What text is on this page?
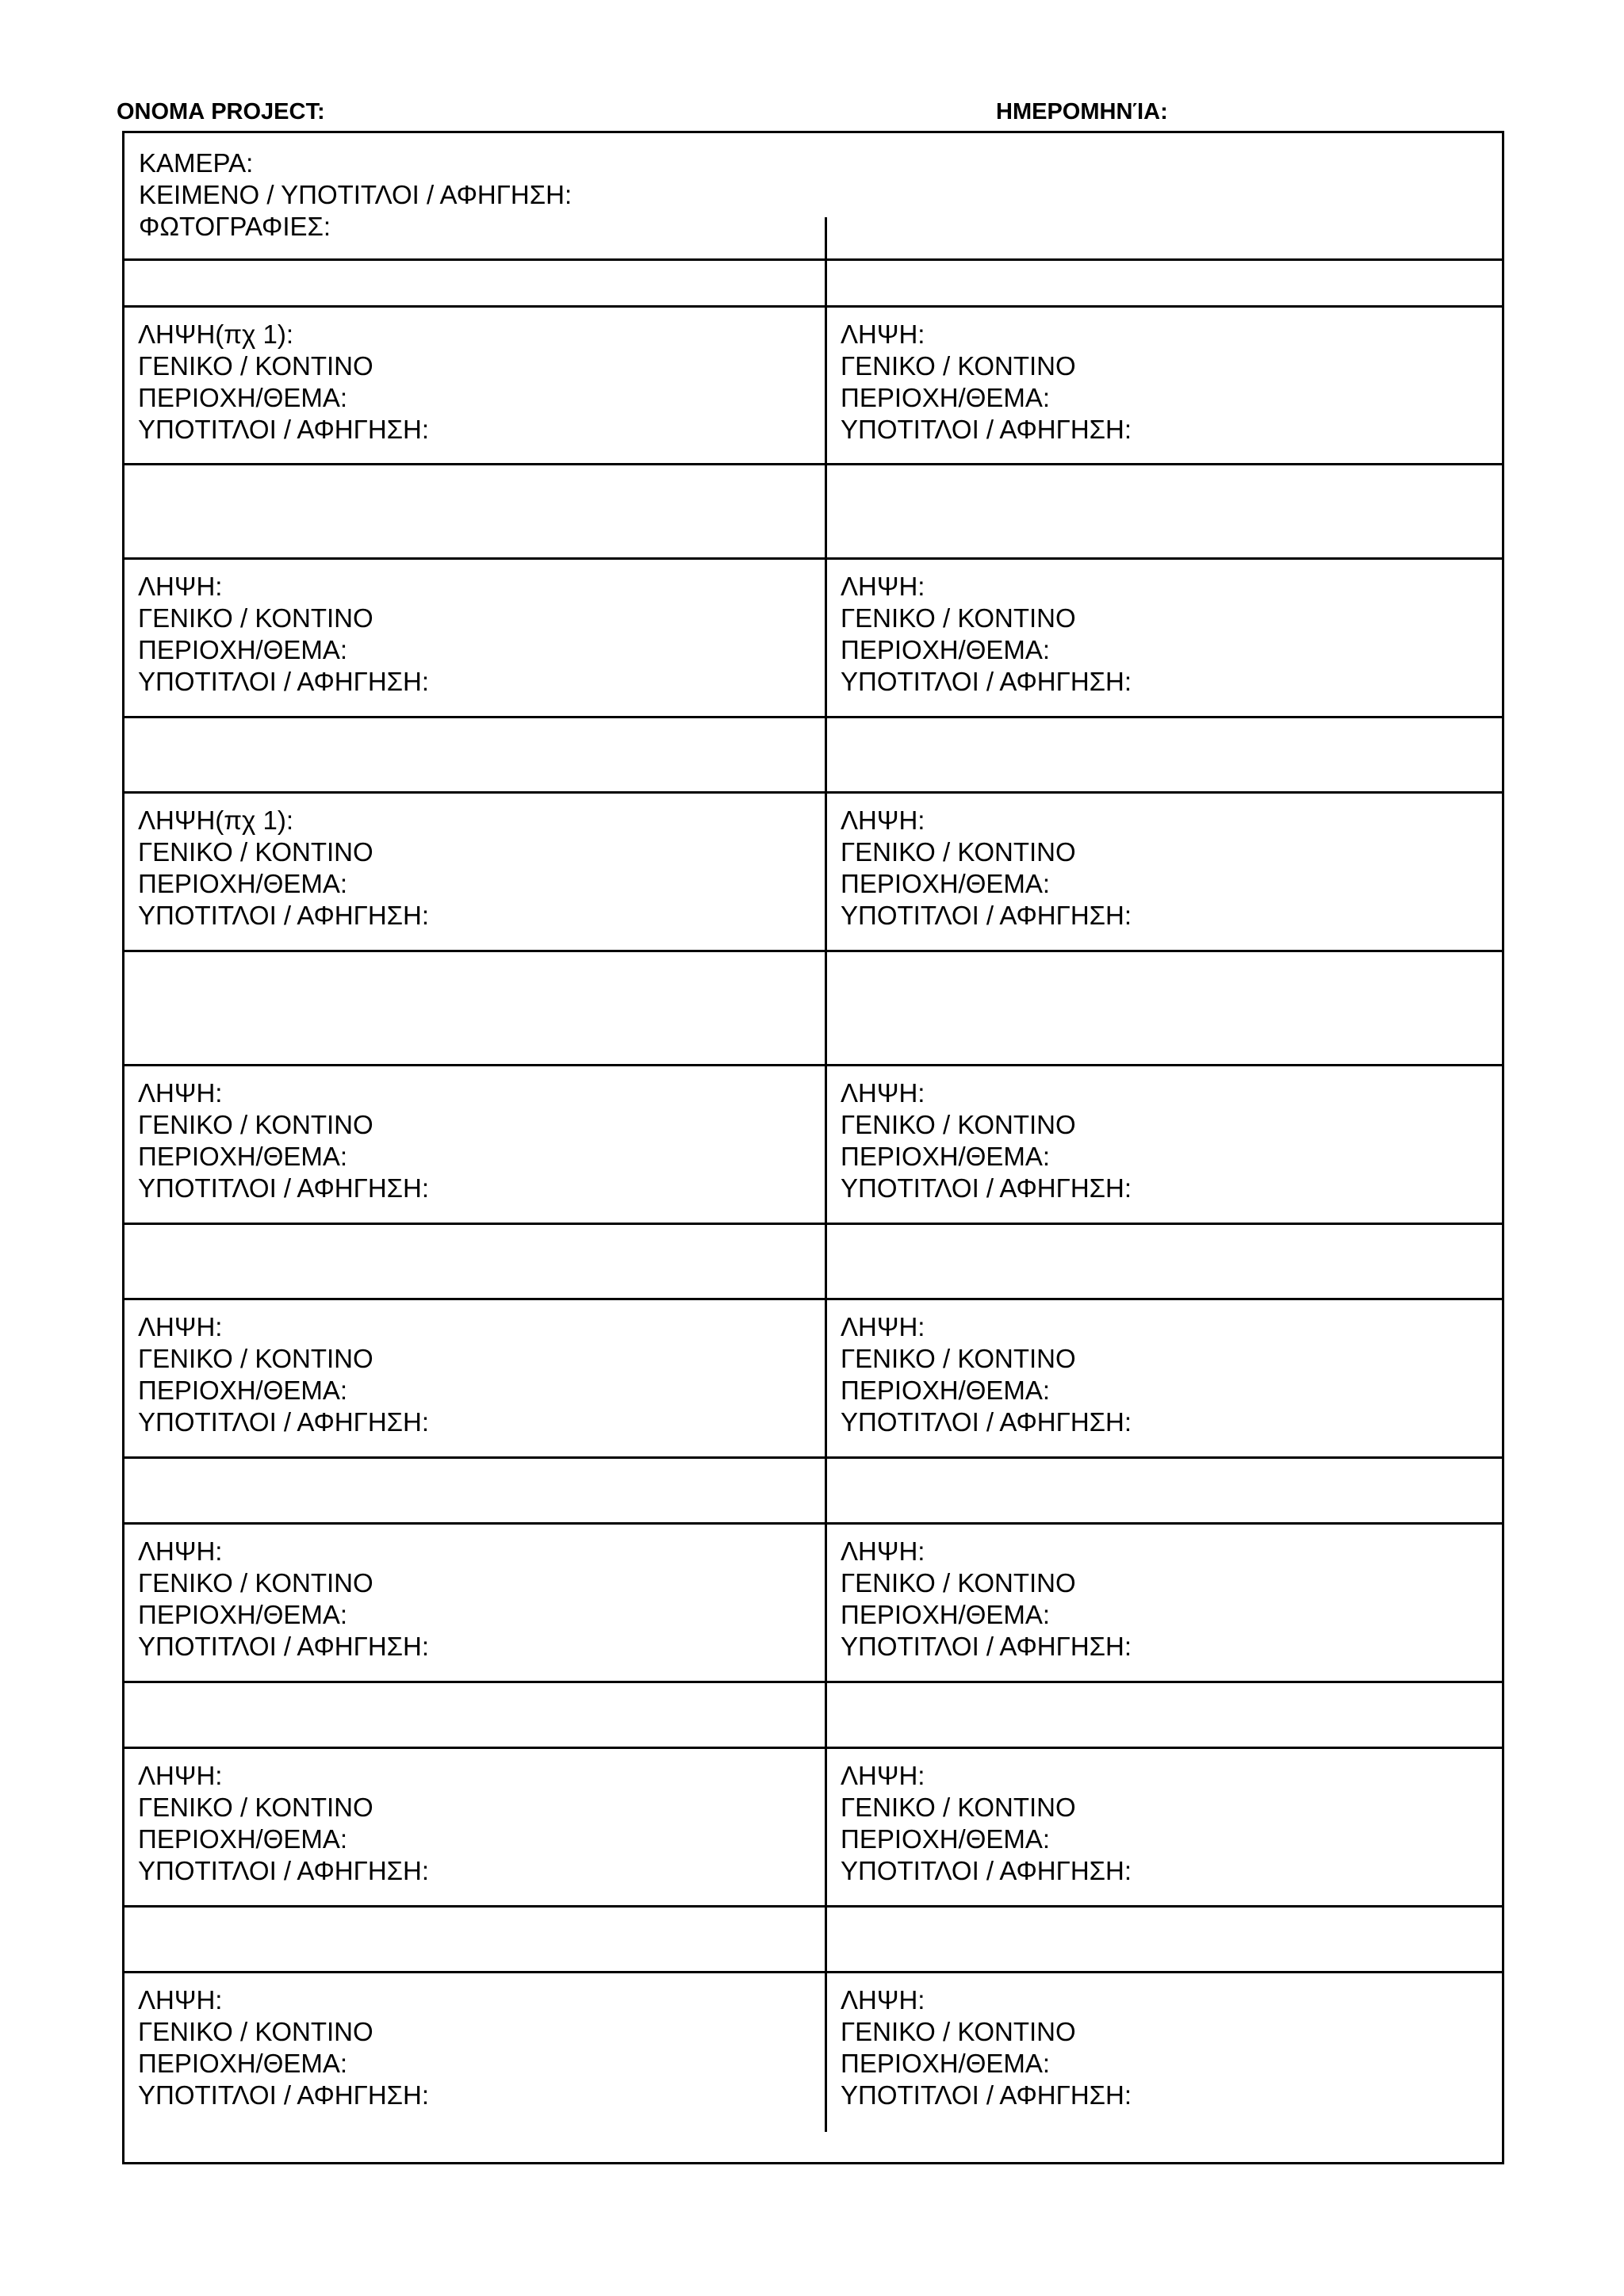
ΟΝΟΜΑ PROJECT:	ΗΜΕΡΟΜΗΝΊΑ:
ΚΑΜΕΡΑ:
ΚΕΙΜΕΝΟ / ΥΠΟΤΙΤΛΟΙ / ΑΦΗΓΗΣΗ:
ΦΩΤΟΓΡΑΦΙΕΣ:
ΛΗΨΗ(πχ 1):
ΓΕΝΙΚΟ / ΚΟΝΤΙΝΟ
ΠΕΡΙΟΧΗ/ΘΕΜΑ:
ΥΠΟΤΙΤΛΟΙ / ΑΦΗΓΗΣΗ:
ΛΗΨΗ:
ΓΕΝΙΚΟ / ΚΟΝΤΙΝΟ
ΠΕΡΙΟΧΗ/ΘΕΜΑ:
ΥΠΟΤΙΤΛΟΙ / ΑΦΗΓΗΣΗ:
ΛΗΨΗ:
ΓΕΝΙΚΟ / ΚΟΝΤΙΝΟ
ΠΕΡΙΟΧΗ/ΘΕΜΑ:
ΥΠΟΤΙΤΛΟΙ / ΑΦΗΓΗΣΗ:
ΛΗΨΗ:
ΓΕΝΙΚΟ / ΚΟΝΤΙΝΟ
ΠΕΡΙΟΧΗ/ΘΕΜΑ:
ΥΠΟΤΙΤΛΟΙ / ΑΦΗΓΗΣΗ:
ΛΗΨΗ(πχ 1):
ΓΕΝΙΚΟ / ΚΟΝΤΙΝΟ
ΠΕΡΙΟΧΗ/ΘΕΜΑ:
ΥΠΟΤΙΤΛΟΙ / ΑΦΗΓΗΣΗ:
ΛΗΨΗ:
ΓΕΝΙΚΟ / ΚΟΝΤΙΝΟ
ΠΕΡΙΟΧΗ/ΘΕΜΑ:
ΥΠΟΤΙΤΛΟΙ / ΑΦΗΓΗΣΗ:
ΛΗΨΗ:
ΓΕΝΙΚΟ / ΚΟΝΤΙΝΟ
ΠΕΡΙΟΧΗ/ΘΕΜΑ:
ΥΠΟΤΙΤΛΟΙ / ΑΦΗΓΗΣΗ:
ΛΗΨΗ:
ΓΕΝΙΚΟ / ΚΟΝΤΙΝΟ
ΠΕΡΙΟΧΗ/ΘΕΜΑ:
ΥΠΟΤΙΤΛΟΙ / ΑΦΗΓΗΣΗ:
ΛΗΨΗ:
ΓΕΝΙΚΟ / ΚΟΝΤΙΝΟ
ΠΕΡΙΟΧΗ/ΘΕΜΑ:
ΥΠΟΤΙΤΛΟΙ / ΑΦΗΓΗΣΗ:
ΛΗΨΗ:
ΓΕΝΙΚΟ / ΚΟΝΤΙΝΟ
ΠΕΡΙΟΧΗ/ΘΕΜΑ:
ΥΠΟΤΙΤΛΟΙ / ΑΦΗΓΗΣΗ:
ΛΗΨΗ:
ΓΕΝΙΚΟ / ΚΟΝΤΙΝΟ
ΠΕΡΙΟΧΗ/ΘΕΜΑ:
ΥΠΟΤΙΤΛΟΙ / ΑΦΗΓΗΣΗ:
ΛΗΨΗ:
ΓΕΝΙΚΟ / ΚΟΝΤΙΝΟ
ΠΕΡΙΟΧΗ/ΘΕΜΑ:
ΥΠΟΤΙΤΛΟΙ / ΑΦΗΓΗΣΗ:
ΛΗΨΗ:
ΓΕΝΙΚΟ / ΚΟΝΤΙΝΟ
ΠΕΡΙΟΧΗ/ΘΕΜΑ:
ΥΠΟΤΙΤΛΟΙ / ΑΦΗΓΗΣΗ:
ΛΗΨΗ:
ΓΕΝΙΚΟ / ΚΟΝΤΙΝΟ
ΠΕΡΙΟΧΗ/ΘΕΜΑ:
ΥΠΟΤΙΤΛΟΙ / ΑΦΗΓΗΣΗ:
ΛΗΨΗ:
ΓΕΝΙΚΟ / ΚΟΝΤΙΝΟ
ΠΕΡΙΟΧΗ/ΘΕΜΑ:
ΥΠΟΤΙΤΛΟΙ / ΑΦΗΓΗΣΗ:
ΛΗΨΗ:
ΓΕΝΙΚΟ / ΚΟΝΤΙΝΟ
ΠΕΡΙΟΧΗ/ΘΕΜΑ:
ΥΠΟΤΙΤΛΟΙ / ΑΦΗΓΗΣΗ:
